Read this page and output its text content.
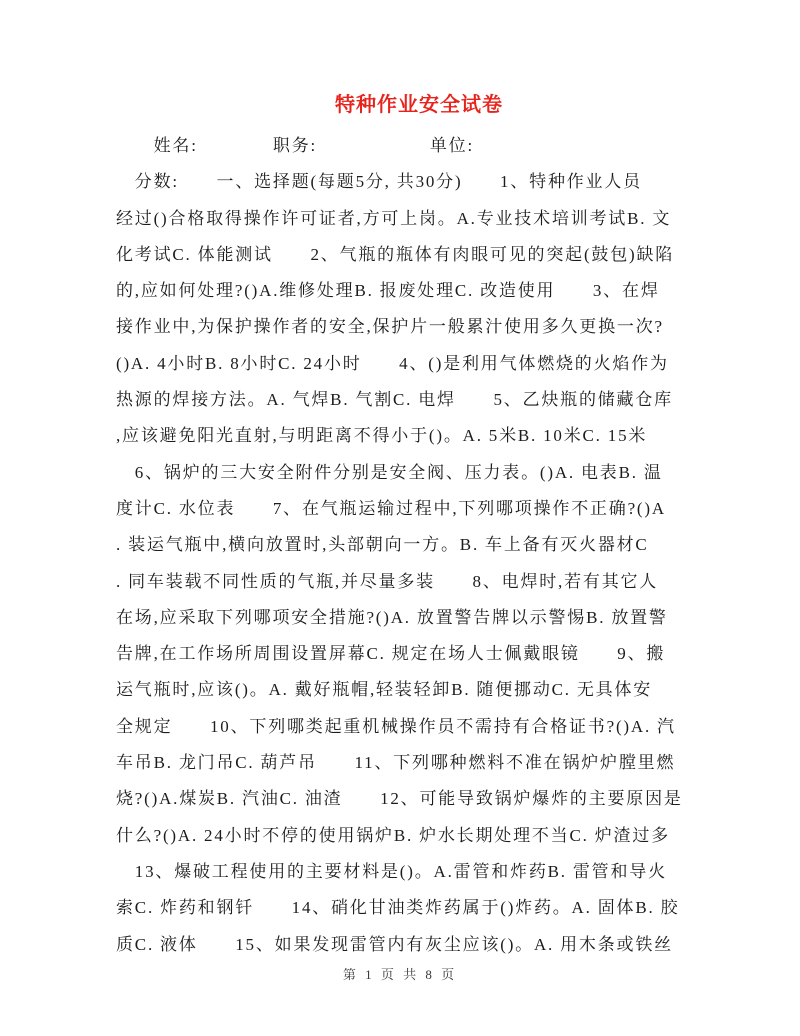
特种作业安全试卷
　　姓名:　　　　职务:　　　　　　单位:
　分数:　　一、选择题(每题5分, 共30分)　　1、特种作业人员
经过()合格取得操作许可证者,方可上岗。A.专业技术培训考试B. 文
化考试C. 体能测试　　2、气瓶的瓶体有肉眼可见的突起(鼓包)缺陷
的,应如何处理?()A.维修处理B. 报废处理C. 改造使用　　3、在焊
接作业中,为保护操作者的安全,保护片一般累汁使用多久更换一次?
()A. 4小时B. 8小时C. 24小时　　4、()是利用气体燃烧的火焰作为
热源的焊接方法。A. 气焊B. 气割C. 电焊　　5、乙炔瓶的储藏仓库
,应该避免阳光直射,与明距离不得小于()。A. 5米B. 10米C. 15米
　6、锅炉的三大安全附件分别是安全阀、压力表。()A. 电表B. 温
度计C. 水位表　　7、在气瓶运输过程中,下列哪项操作不正确?()A
. 装运气瓶中,横向放置时,头部朝向一方。B. 车上备有灭火器材C
. 同车装载不同性质的气瓶,并尽量多装　　8、电焊时,若有其它人
在场,应采取下列哪项安全措施?()A. 放置警告牌以示警惕B. 放置警
告牌,在工作场所周围设置屏幕C. 规定在场人士佩戴眼镜　　9、搬
运气瓶时,应该()。A. 戴好瓶帽,轻装轻卸B. 随便挪动C. 无具体安
全规定　　10、下列哪类起重机械操作员不需持有合格证书?()A. 汽
车吊B. 龙门吊C. 葫芦吊　　11、下列哪种燃料不准在锅炉炉膛里燃
烧?()A.煤炭B. 汽油C. 油渣　　12、可能导致锅炉爆炸的主要原因是
什么?()A. 24小时不停的使用锅炉B. 炉水长期处理不当C. 炉渣过多
　13、爆破工程使用的主要材料是()。A.雷管和炸药B. 雷管和导火
索C. 炸药和钢钎　　14、硝化甘油类炸药属于()炸药。A. 固体B. 胶
质C. 液体　　15、如果发现雷管内有灰尘应该()。A. 用木条或铁丝
第 1 页 共 8 页
